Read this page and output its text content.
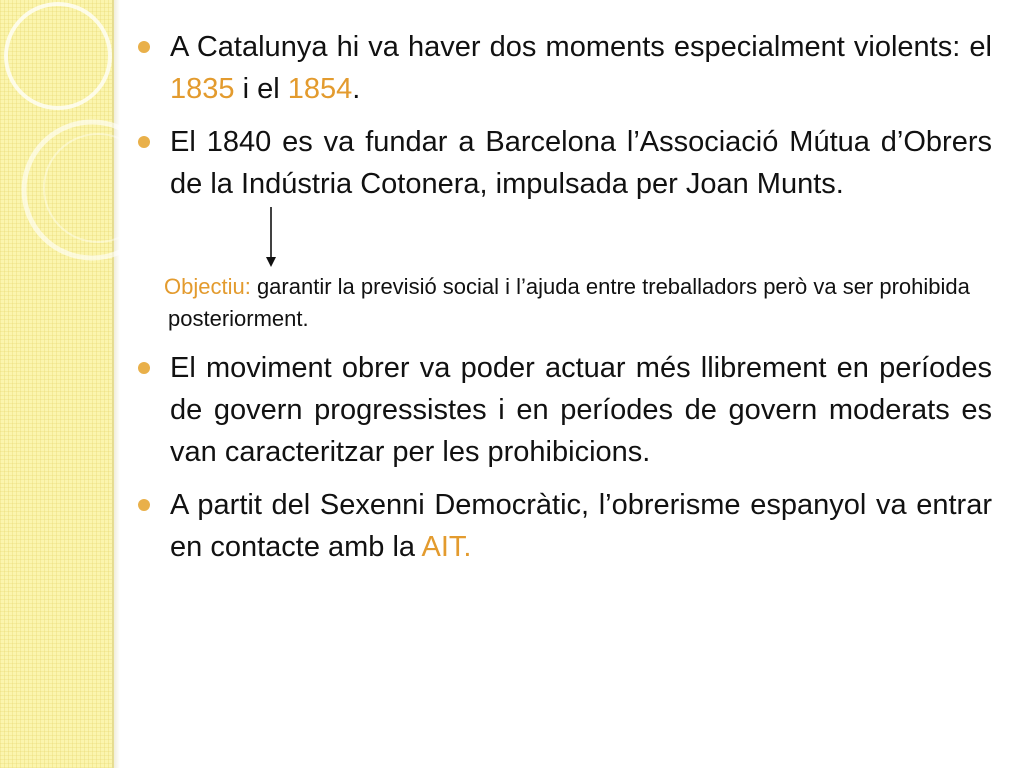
A Catalunya hi va haver dos moments especialment violents: el 1835 i el 1854.
El 1840 es va fundar a Barcelona l’Associació Mútua d’Obrers de la Indústria Cotonera, impulsada per Joan Munts.
Objectiu: garantir la previsió social i l’ajuda entre treballadors però va ser prohibida posteriorment.
El moviment obrer va poder actuar més llibrement en períodes de govern progressistes i en períodes de govern moderats es van caracteritzar per les prohibicions.
A partit del Sexenni Democràtic, l’obrerisme espanyol va entrar en contacte amb la AIT.
